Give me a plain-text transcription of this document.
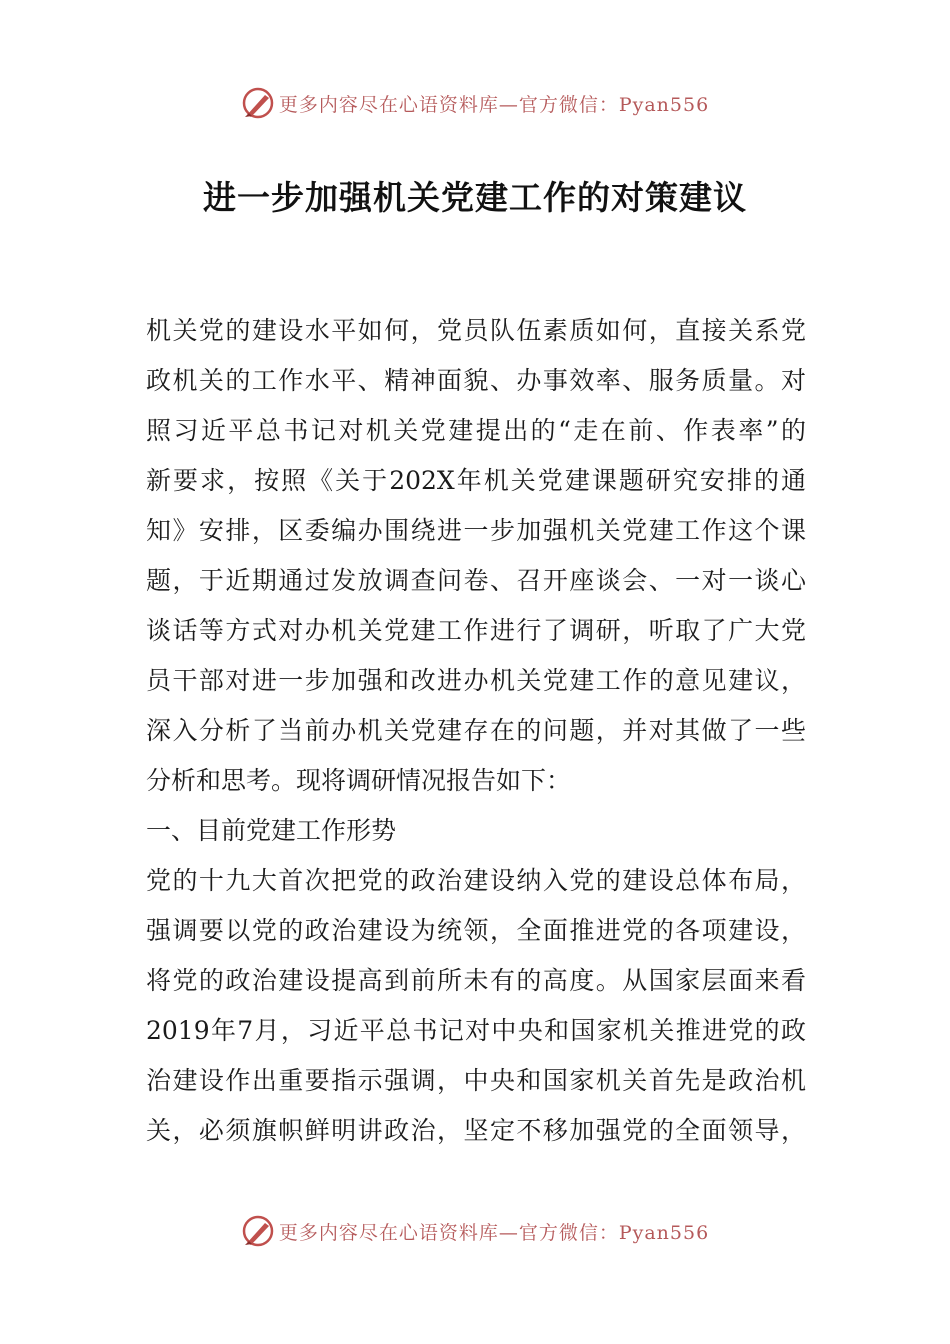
更多内容尽在心语资料库—官方微信：Pyan556
进一步加强机关党建工作的对策建议
机关党的建设水平如何，党员队伍素质如何，直接关系党
政机关的工作水平、精神面貌、办事效率、服务质量。对
照习近平总书记对机关党建提出的“走在前、作表率”的
新要求，按照《关于202X年机关党建课题研究安排的通
知》安排，区委编办围绕进一步加强机关党建工作这个课
题，于近期通过发放调查问卷、召开座谈会、一对一谈心
谈话等方式对办机关党建工作进行了调研，听取了广大党
员干部对进一步加强和改进办机关党建工作的意见建议，
深入分析了当前办机关党建存在的问题，并对其做了一些
分析和思考。现将调研情况报告如下：
一、目前党建工作形势
党的十九大首次把党的政治建设纳入党的建设总体布局，
强调要以党的政治建设为统领，全面推进党的各项建设，
将党的政治建设提高到前所未有的高度。从国家层面来看
2019年7月，习近平总书记对中央和国家机关推进党的政
治建设作出重要指示强调，中央和国家机关首先是政治机
关，必须旗帜鲜明讲政治，坚定不移加强党的全面领导，
更多内容尽在心语资料库—官方微信：Pyan556
